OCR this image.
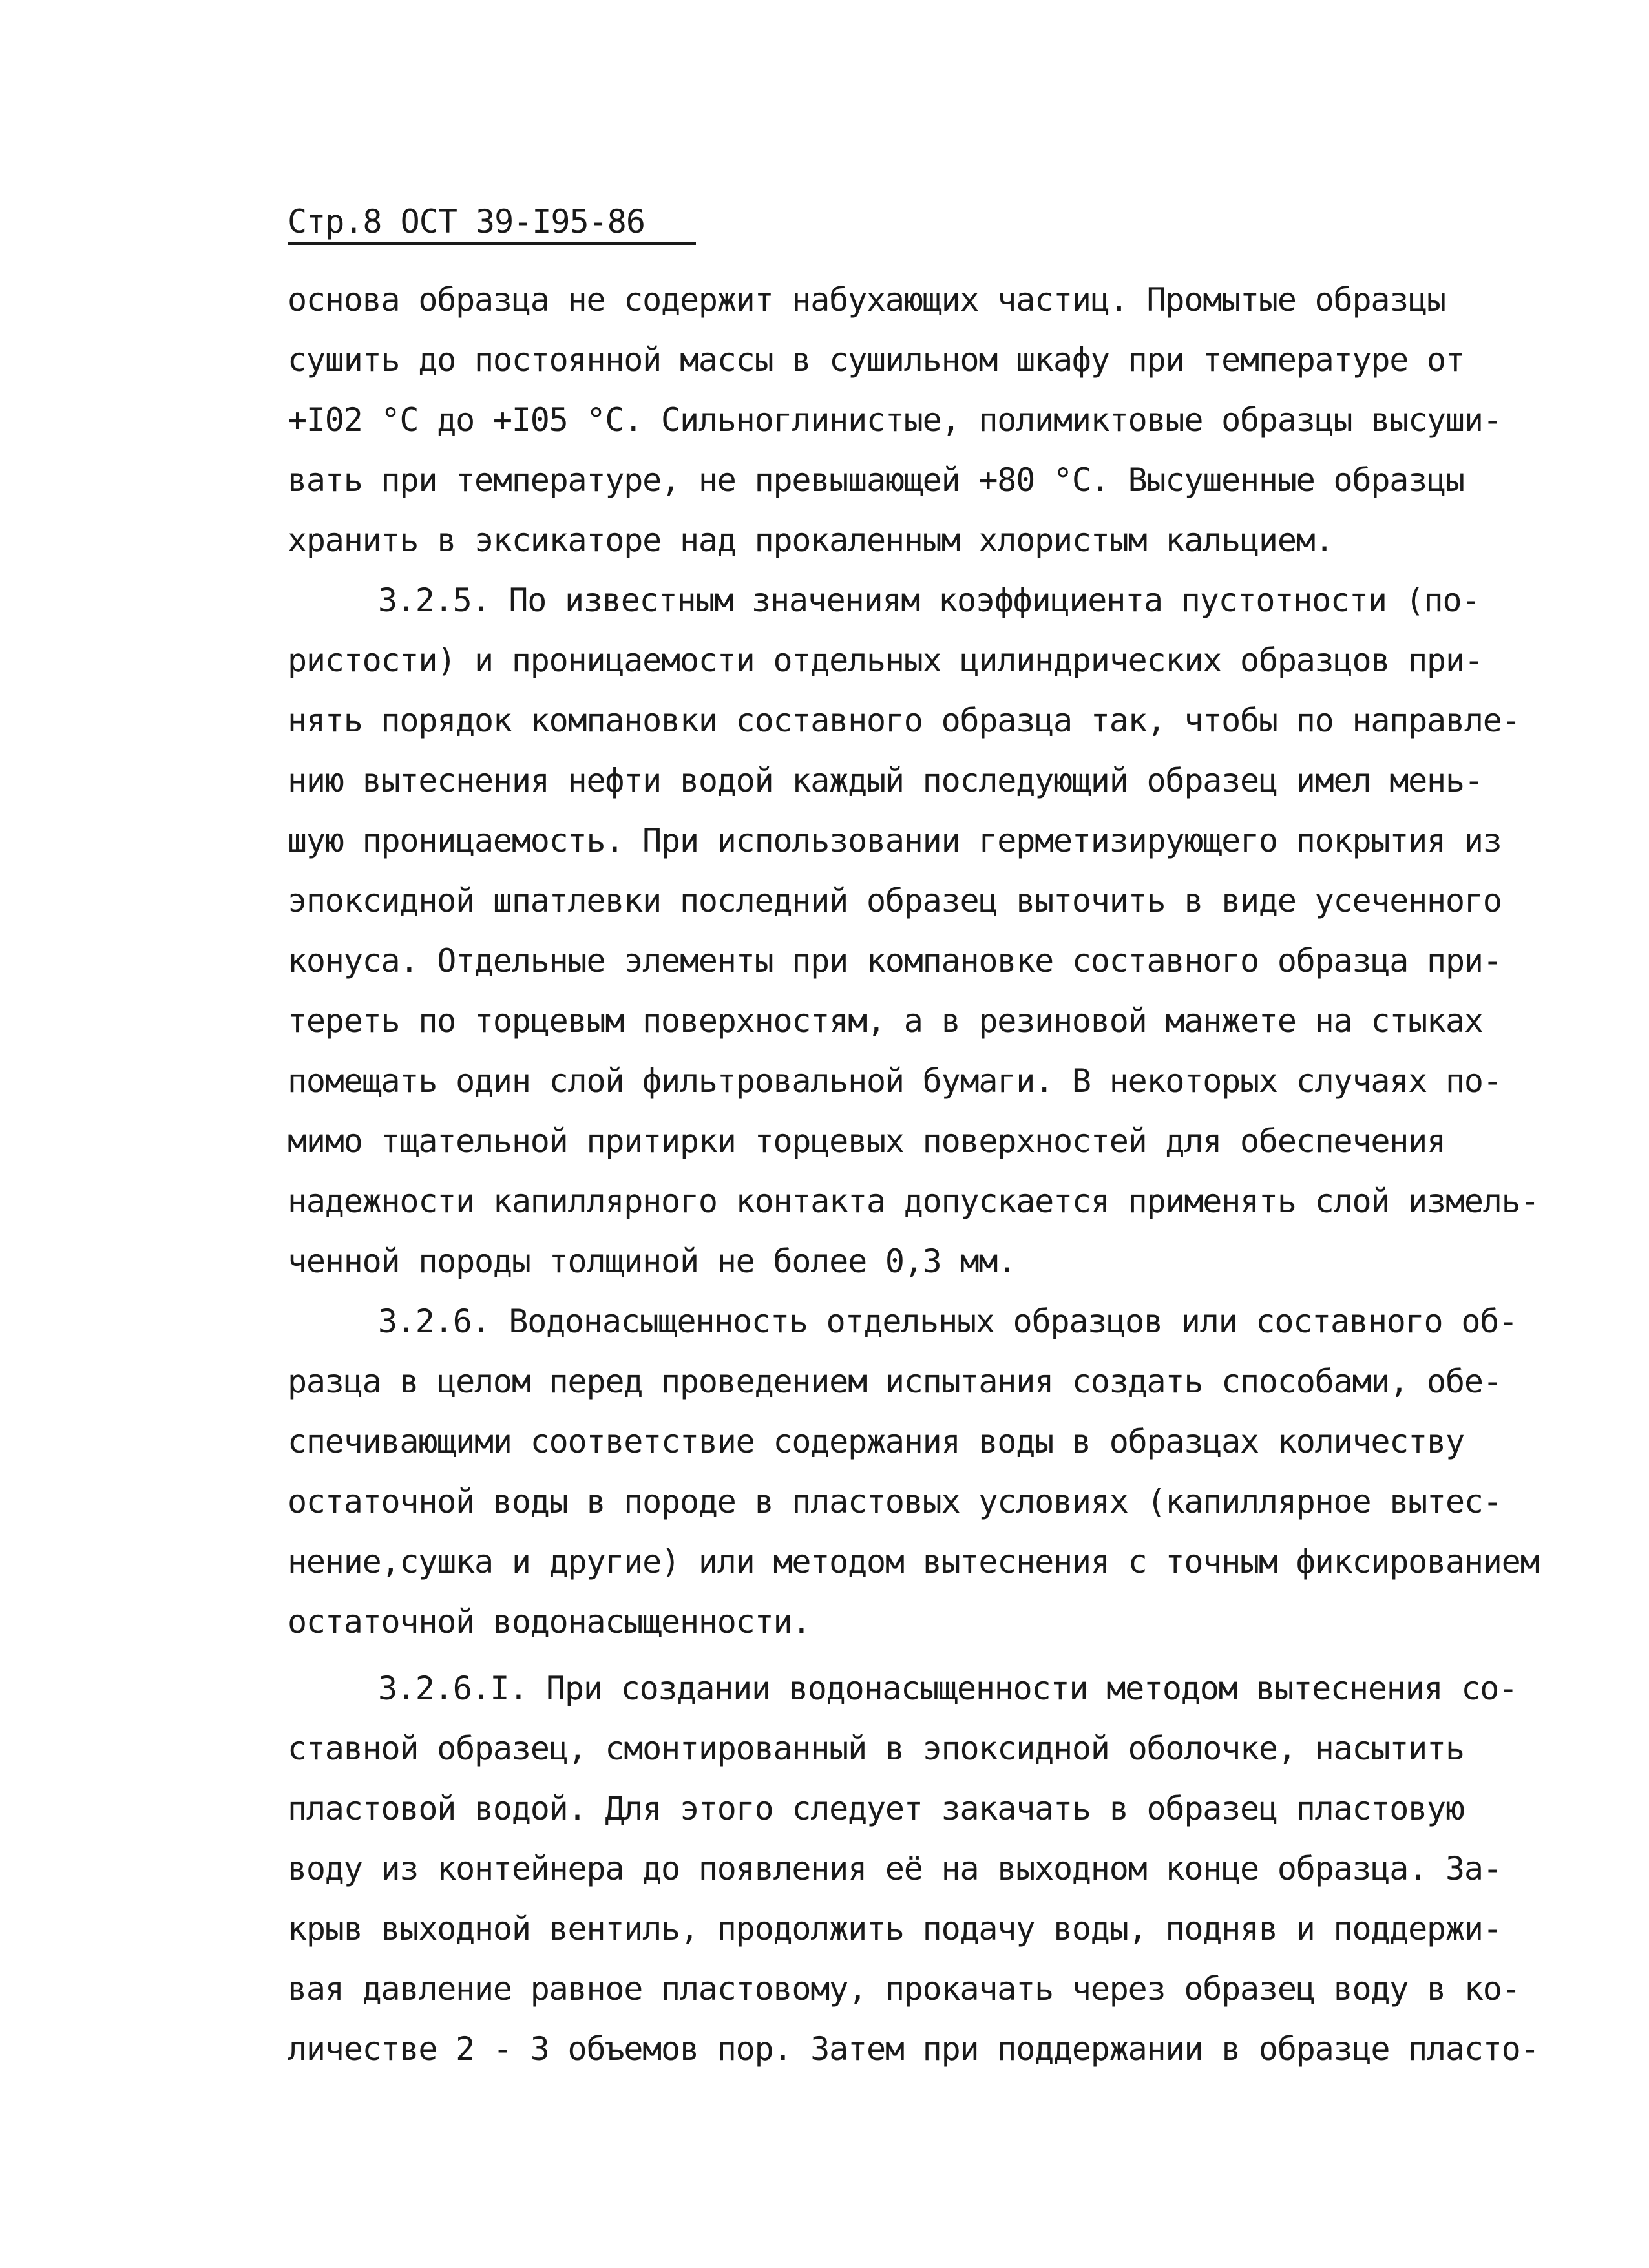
Стр.8 ОСТ 39-I95-86
основа образца не содержит набухающих частиц. Промытые образцы
сушить до постоянной массы в сушильном шкафу при температуре от
+I02 °C до +I05 °C. Сильноглинистые, полимиктовые образцы высуши-
вать при температуре, не превышающей +80 °C. Высушенные образцы
хранить в эксикаторе над прокаленным хлористым кальцием.
3.2.5. По известным значениям коэффициента пустотности (по-
ристости) и проницаемости отдельных цилиндрических образцов при-
нять порядок компановки составного образца так, чтобы по направле-
нию вытеснения нефти водой каждый последующий образец имел мень-
шую проницаемость. При использовании герметизирующего покрытия из
эпоксидной шпатлевки последний образец выточить в виде усеченного
конуса. Отдельные элементы при компановке составного образца при-
тереть по торцевым поверхностям, а в резиновой манжете на стыках
помещать один слой фильтровальной бумаги. В некоторых случаях по-
мимо тщательной притирки торцевых поверхностей для обеспечения
надежности капиллярного контакта допускается применять слой измель-
ченной породы толщиной не более 0,3 мм.
3.2.6. Водонасыщенность отдельных образцов или составного об-
разца в целом перед проведением испытания создать способами, обе-
спечивающими соответствие содержания воды в образцах количеству
остаточной воды в породе в пластовых условиях (капиллярное вытес-
нение,сушка и другие) или методом вытеснения с точным фиксированием
остаточной водонасыщенности.
3.2.6.I. При создании водонасыщенности методом вытеснения со-
ставной образец, смонтированный в эпоксидной оболочке, насытить
пластовой водой. Для этого следует закачать в образец пластовую
воду из контейнера до появления её на выходном конце образца. За-
крыв выходной вентиль, продолжить подачу воды, подняв и поддержи-
вая давление равное пластовому, прокачать через образец воду в ко-
личестве 2 - 3 объемов пор. Затем при поддержании в образце пласто-
